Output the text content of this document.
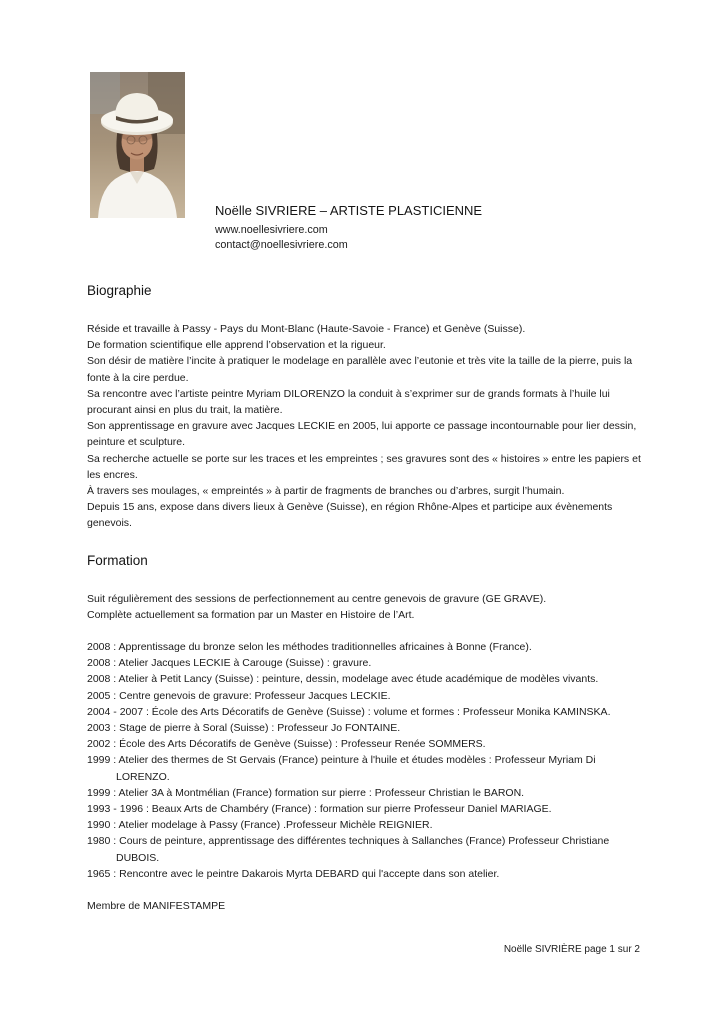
Noëlle SIVRIERE – ARTISTE PLASTICIENNE
www.noellesivriere.com
contact@noellesivriere.com
Biographie

Réside et travaille à Passy - Pays du Mont-Blanc (Haute-Savoie - France) et Genève (Suisse).

De formation scientifique elle apprend l’observation et la rigueur.

Son désir de matière l’incite à pratiquer le modelage en parallèle avec l’eutonie et très vite la taille de la pierre, puis la fonte à la cire perdue.

Sa rencontre avec l’artiste peintre Myriam DILORENZO la conduit à s’exprimer sur de grands formats à l’huile lui procurant ainsi en plus du trait, la matière.

Son apprentissage en gravure avec Jacques LECKIE en 2005, lui apporte ce passage incontournable pour lier dessin, peinture et sculpture.

Sa recherche actuelle se porte sur les traces et les empreintes ; ses gravures sont des « histoires » entre les papiers et les encres.

À travers ses moulages, « empreintés » à partir de fragments de branches ou d’arbres, surgit l’humain.

Depuis 15 ans, expose dans divers lieux à Genève (Suisse), en région Rhône-Alpes et participe aux évènements genevois.

Formation

Suit régulièrement des sessions de perfectionnement au centre genevois de gravure (GE GRAVE).

Complète actuellement sa formation par un Master en Histoire de l’Art.

2008 : Apprentissage du bronze selon les méthodes traditionnelles africaines à Bonne (France).

2008 : Atelier Jacques LECKIE à Carouge (Suisse) : gravure.

2008 : Atelier à Petit Lancy (Suisse) : peinture, dessin, modelage avec étude académique de modèles vivants.

2005 : Centre genevois de gravure: Professeur Jacques LECKIE.

2004 - 2007 : École des Arts Décoratifs de Genève (Suisse) : volume et formes : Professeur Monika KAMINSKA.

2003 : Stage de pierre à Soral (Suisse) : Professeur Jo FONTAINE.

2002 : École des Arts Décoratifs de Genève (Suisse) : Professeur Renée SOMMERS.

1999 : Atelier des thermes de St Gervais (France) peinture à l'huile et études modèles : Professeur Myriam Di LORENZO.

1999 : Atelier 3A à Montmélian (France) formation sur pierre : Professeur Christian le BARON.

1993 - 1996 : Beaux Arts de Chambéry (France) : formation sur pierre Professeur Daniel MARIAGE.

1990 : Atelier modelage à Passy (France) .Professeur Michèle REIGNIER.

1980 : Cours de peinture, apprentissage des différentes techniques à Sallanches (France) Professeur Christiane DUBOIS.

1965 : Rencontre avec le peintre Dakarois Myrta DEBARD qui l'accepte dans son atelier.

Membre de MANIFESTAMPE

Noëlle SIVRIÈRE page 1 sur 2
